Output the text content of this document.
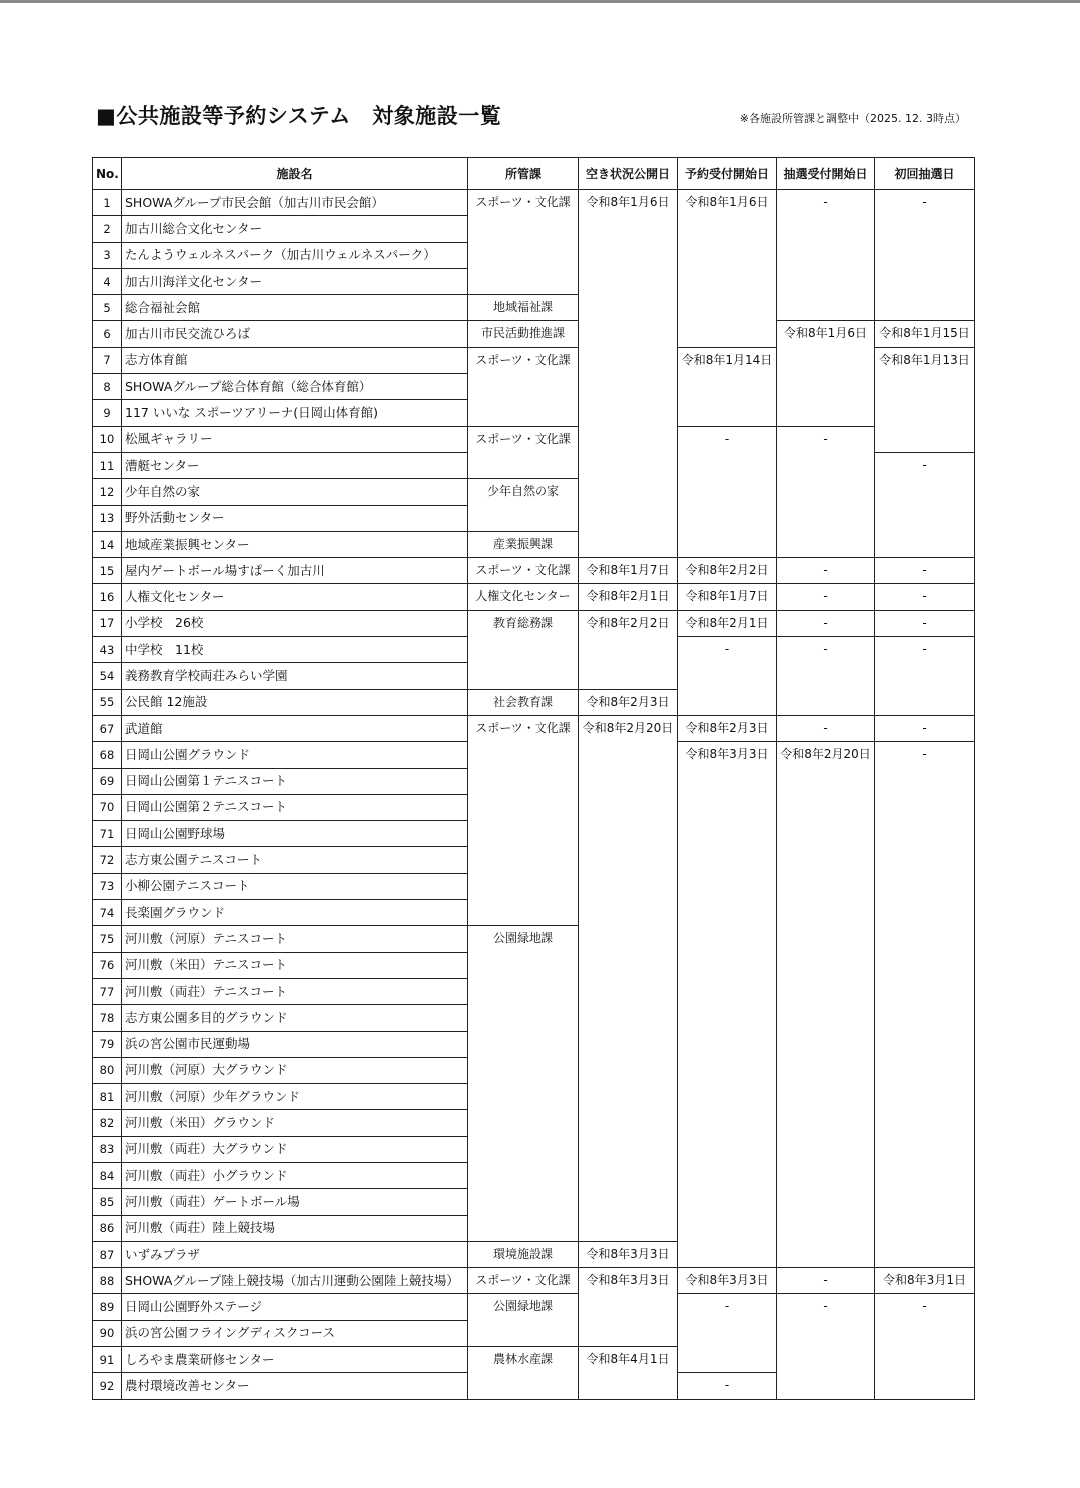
■公共施設等予約システム　対象施設一覧	※各施設所管課と調整中（2025. 12. 3時点）
No.	施設名	所管課	空き状況公開日	予約受付開始日	抽選受付開始日	初回抽選日
1	SHOWAグループ市民会館（加古川市民会館）	スポーツ・文化課	令和8年1月6日	令和8年1月6日	-	-
2	加古川総合文化センター					
3	たんようウェルネスパーク（加古川ウェルネスパーク）					
4	加古川海洋文化センター					
5	総合福祉会館	地域福祉課				
6	加古川市民交流ひろば	市民活動推進課			令和8年1月6日	令和8年1月15日
7	志方体育館	スポーツ・文化課		令和8年1月14日		令和8年1月13日
8	SHOWAグループ総合体育館（総合体育館）					
9	117 いいな スポーツアリーナ(日岡山体育館)					
10	松風ギャラリー	スポーツ・文化課		-	-	
11	漕艇センター					-
12	少年自然の家	少年自然の家				
13	野外活動センター					
14	地域産業振興センター	産業振興課				
15	屋内ゲートボール場すぱーく加古川	スポーツ・文化課	令和8年1月7日	令和8年2月2日	-	-
16	人権文化センター	人権文化センター	令和8年2月1日	令和8年1月7日	-	-
17	小学校　26校	教育総務課	令和8年2月2日	令和8年2月1日	-	-
43	中学校　11校			-	-	-
54	義務教育学校両荘みらい学園					
55	公民館 12施設	社会教育課	令和8年2月3日			
67	武道館	スポーツ・文化課	令和8年2月20日	令和8年2月3日	-	-
68	日岡山公園グラウンド			令和8年3月3日	令和8年2月20日	-
69	日岡山公園第１テニスコート					
70	日岡山公園第２テニスコート					
71	日岡山公園野球場					
72	志方東公園テニスコート					
73	小柳公園テニスコート					
74	長楽園グラウンド					
75	河川敷（河原）テニスコート	公園緑地課				
76	河川敷（米田）テニスコート					
77	河川敷（両荘）テニスコート					
78	志方東公園多目的グラウンド					
79	浜の宮公園市民運動場					
80	河川敷（河原）大グラウンド					
81	河川敷（河原）少年グラウンド					
82	河川敷（米田）グラウンド					
83	河川敷（両荘）大グラウンド					
84	河川敷（両荘）小グラウンド					
85	河川敷（両荘）ゲートボール場					
86	河川敷（両荘）陸上競技場					
87	いずみプラザ	環境施設課	令和8年3月3日			
88	SHOWAグループ陸上競技場（加古川運動公園陸上競技場）	スポーツ・文化課	令和8年3月3日	令和8年3月3日	-	令和8年3月1日
89	日岡山公園野外ステージ	公園緑地課		-	-	-
90	浜の宮公園フライングディスクコース					
91	しろやま農業研修センター	農林水産課	令和8年4月1日			
92	農村環境改善センター			-		
